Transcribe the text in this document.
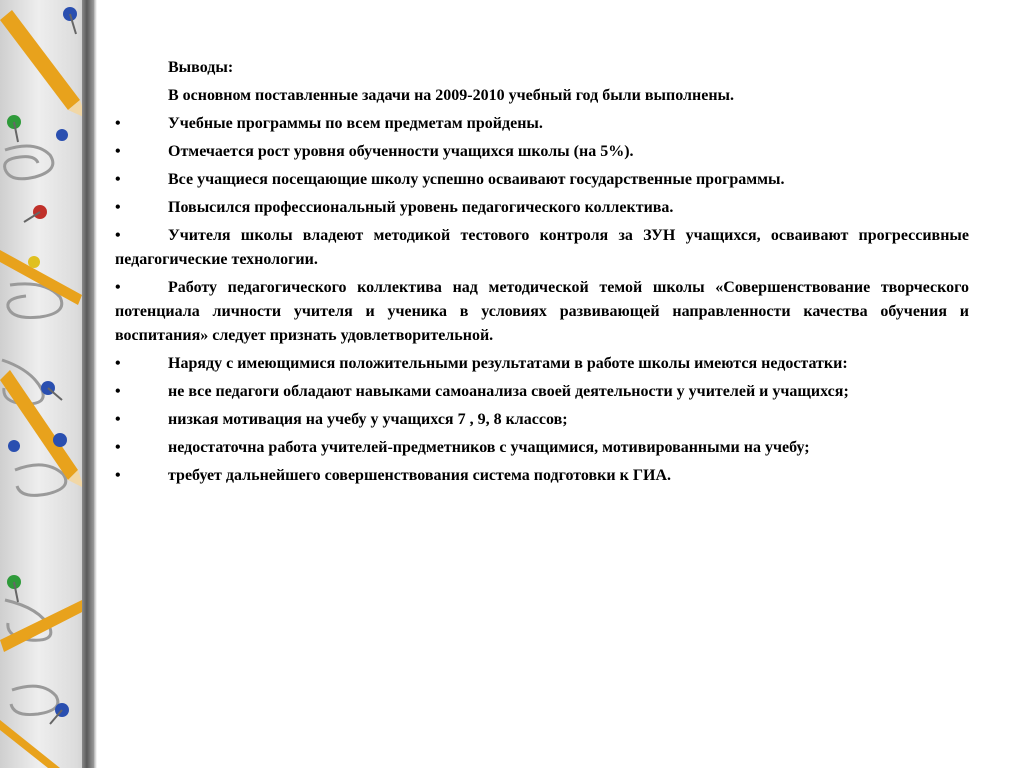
Выводы:

В основном поставленные задачи на 2009-2010 учебный год были выполнены.

•	Учебные программы по всем предметам пройдены.

•	Отмечается рост уровня обученности учащихся школы (на 5%).

•	Все учащиеся посещающие школу успешно осваивают государственные программы.

•	Повысился профессиональный уровень педагогического коллектива.

•	Учителя школы владеют методикой тестового контроля за ЗУН учащихся, осваивают прогрессивные педагогические технологии.

•	Работу педагогического коллектива над методической темой школы «Совершенствование творческого потенциала личности учителя и ученика в условиях развивающей направленности качества обучения и воспитания» следует признать удовлетворительной.

•	Наряду с имеющимися положительными результатами в работе школы имеются недостатки:

•	не все педагоги обладают навыками самоанализа своей деятельности у учителей и учащихся;

•	низкая мотивация на учебу у учащихся 7 , 9, 8 классов;

•	недостаточна работа учителей-предметников с учащимися, мотивированными на учебу;

•	требует дальнейшего совершенствования система подготовки к ГИА.
